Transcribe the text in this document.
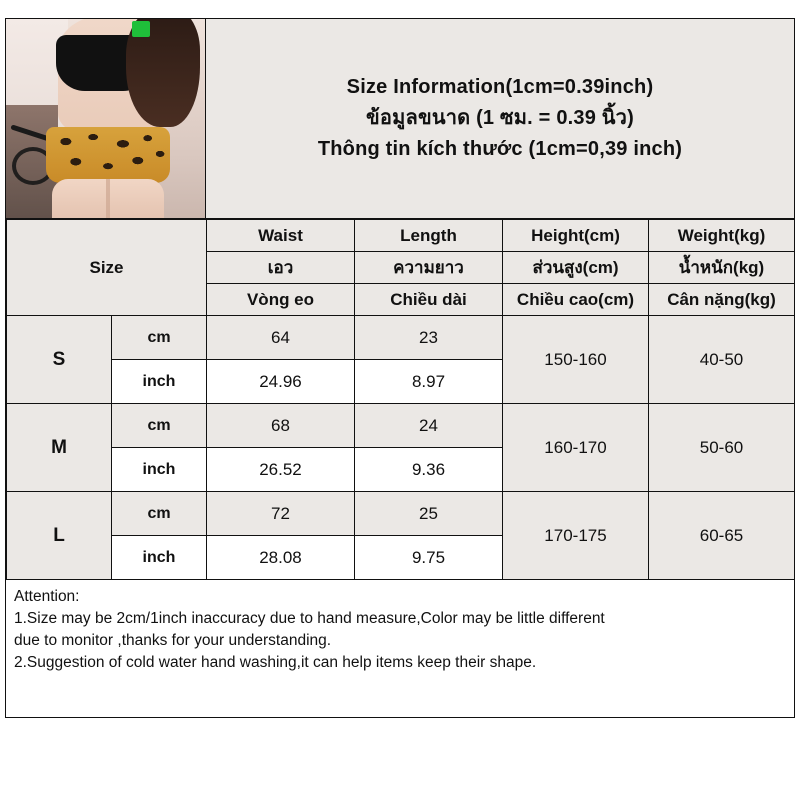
Size Information(1cm=0.39inch)
ข้อมูลขนาด (1 ซม. = 0.39 นิ้ว)
Thông tin kích thước (1cm=0,39 inch)
Size		Waist	Length	Height(cm)	Weight(kg)
		เอว	ความยาว	ส่วนสูง(cm)	น้ำหนัก(kg)
		Vòng eo	Chiều dài	Chiều cao(cm)	Cân nặng(kg)
S	cm	64	23	150-160	40-50
	inch	24.96	8.97		
M	cm	68	24	160-170	50-60
	inch	26.52	9.36		
L	cm	72	25	170-175	60-65
	inch	28.08	9.75		
Attention:
1.Size may be 2cm/1inch inaccuracy due to hand measure,Color may be little different
due to monitor ,thanks for your understanding.
2.Suggestion of cold water hand washing,it can help items keep their shape.
